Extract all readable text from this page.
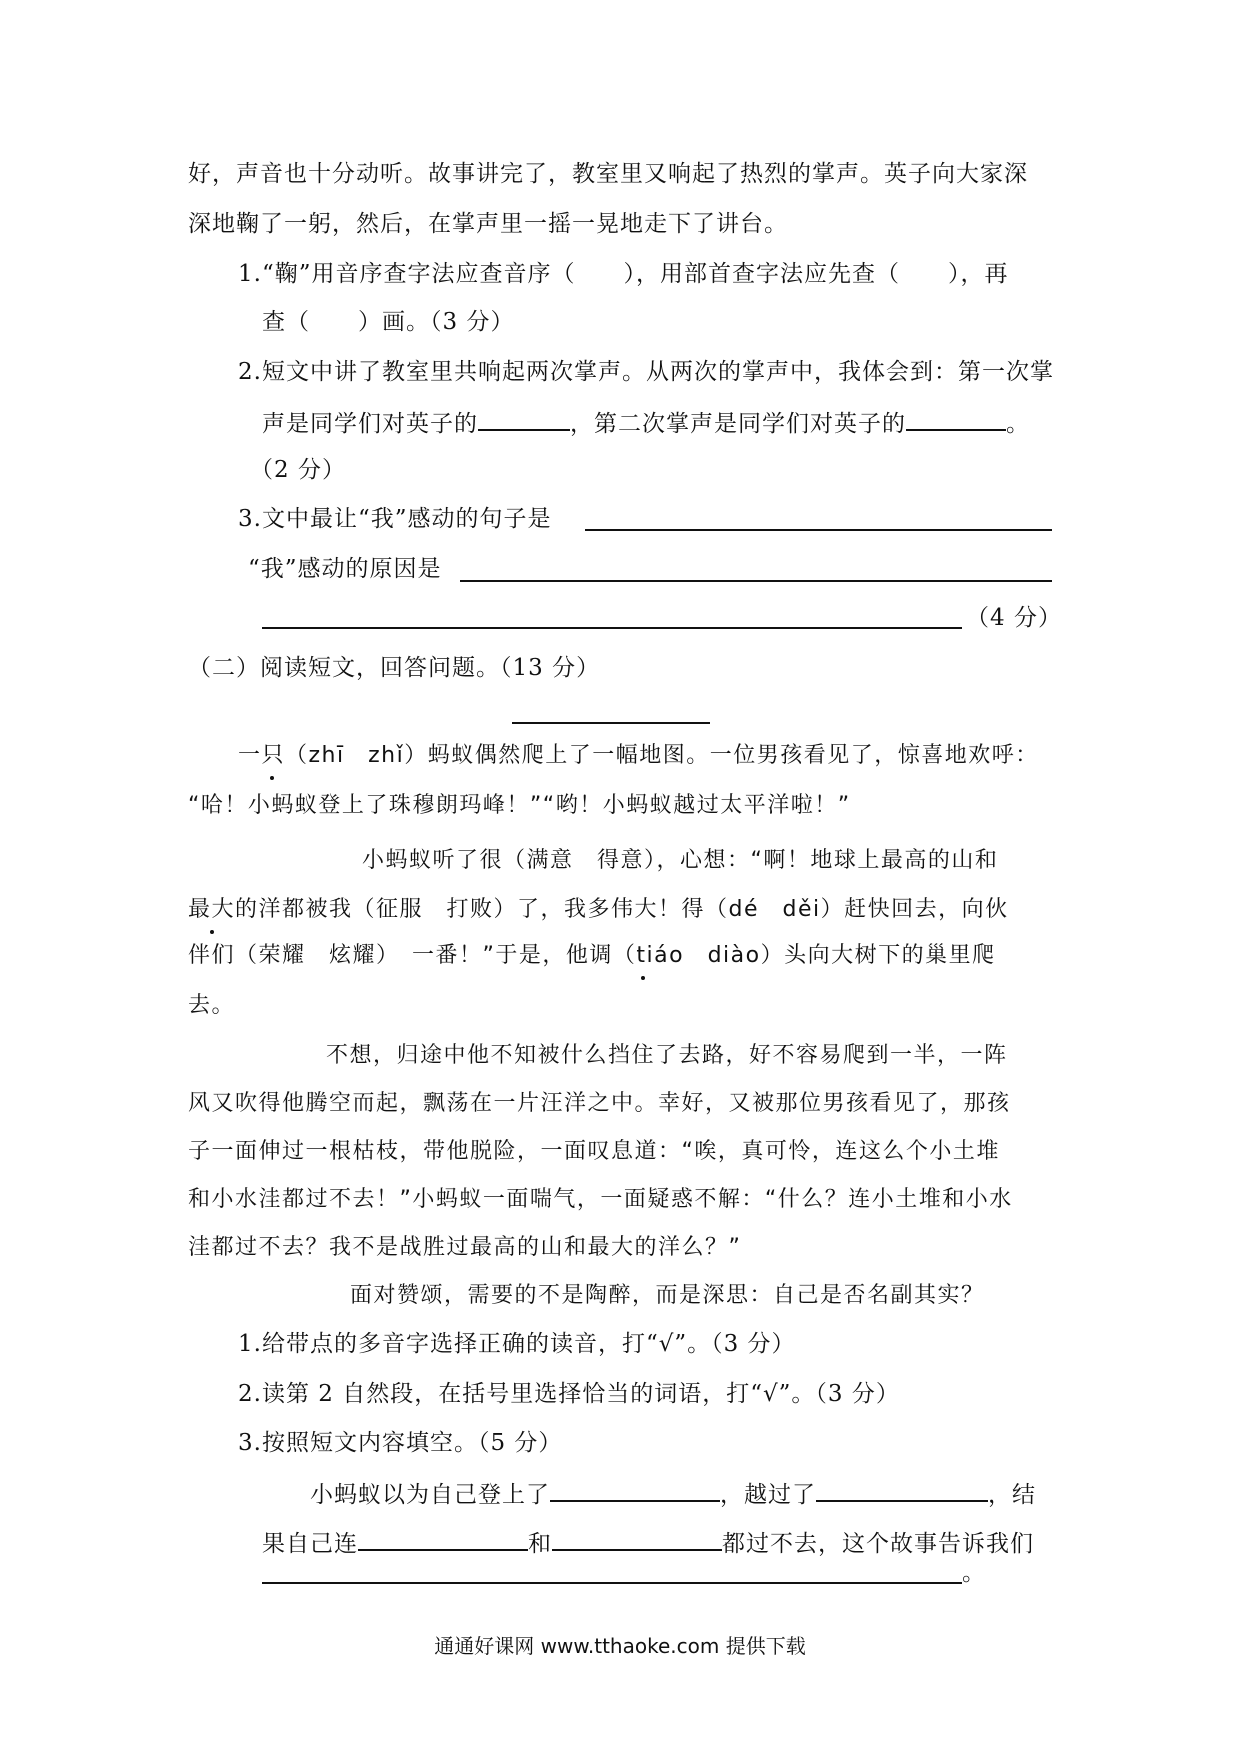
好，声音也十分动听。故事讲完了，教室里又响起了热烈的掌声。英子向大家深
深地鞠了一躬，然后，在掌声里一摇一晃地走下了讲台。
1.“鞠”用音序查字法应查音序（　　），用部首查字法应先查（　　），再
查（　　）画。（3 分）
2.短文中讲了教室里共响起两次掌声。从两次的掌声中，我体会到：第一次掌
声是同学们对英子的	，第二次掌声是同学们对英子的	。
（2 分）
3.文中最让“我”感动的句子是
“我”感动的原因是
（4 分）
（二）阅读短文，回答问题。（13 分）
一只（zhī　zhǐ）蚂蚁偶然爬上了一幅地图。一位男孩看见了，惊喜地欢呼：
“哈！小蚂蚁登上了珠穆朗玛峰！”“哟！小蚂蚁越过太平洋啦！”
小蚂蚁听了很（满意　得意），心想：“啊！地球上最高的山和
最大的洋都被我（征服　打败）了，我多伟大！得（dé　děi）赶快回去，向伙
伴们（荣耀　炫耀）　一番！”于是，他调（tiáo　diào）头向大树下的巢里爬
去。
不想，归途中他不知被什么挡住了去路，好不容易爬到一半，一阵
风又吹得他腾空而起，飘荡在一片汪洋之中。幸好，又被那位男孩看见了，那孩
子一面伸过一根枯枝，带他脱险，一面叹息道：“唉，真可怜，连这么个小土堆
和小水洼都过不去！”小蚂蚁一面喘气，一面疑惑不解：“什么？连小土堆和小水
洼都过不去？我不是战胜过最高的山和最大的洋么？”
面对赞颂，需要的不是陶醉，而是深思：自己是否名副其实？
1.给带点的多音字选择正确的读音，打“√”。（3 分）
2.读第 2 自然段，在括号里选择恰当的词语，打“√”。（3 分）
3.按照短文内容填空。（5 分）
小蚂蚁以为自己登上了	，越过了	，结
果自己连	和	都过不去，这个故事告诉我们
。
通通好课网 www.tthaoke.com 提供下载
